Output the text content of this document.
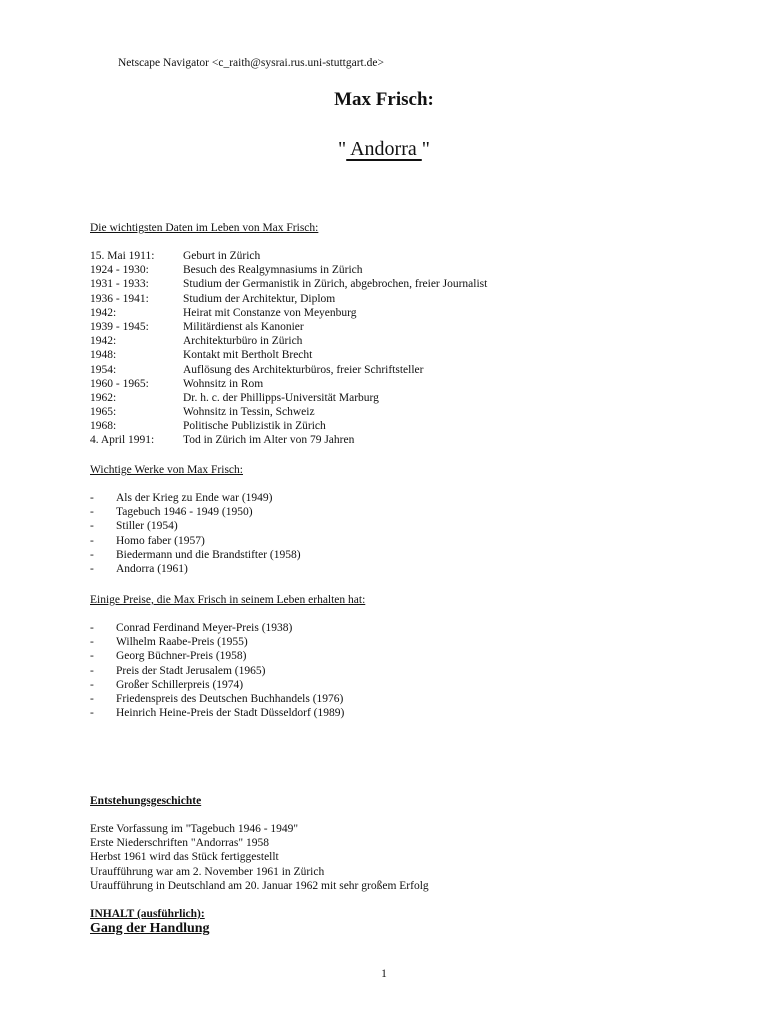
Netscape Navigator <c_raith@sysrai.rus.uni-stuttgart.de>
Max Frisch:
" Andorra "
Die wichtigsten Daten im Leben von Max Frisch:
15. Mai 1911:	Geburt in Zürich
1924 - 1930:	Besuch des Realgymnasiums in Zürich
1931 - 1933:	Studium der Germanistik in Zürich, abgebrochen, freier Journalist
1936 - 1941:	Studium der Architektur, Diplom
1942:	Heirat mit Constanze von Meyenburg
1939 - 1945:	Militärdienst als Kanonier
1942:	Architekturbüro in Zürich
1948:	Kontakt mit Bertholt Brecht
1954:	Auflösung des Architekturbüros, freier Schriftsteller
1960 - 1965:	Wohnsitz in Rom
1962:	Dr. h. c. der Phillipps-Universität Marburg
1965:	Wohnsitz in Tessin, Schweiz
1968:	Politische Publizistik in Zürich
4. April 1991:	Tod in Zürich im Alter von 79 Jahren
Wichtige Werke von Max Frisch:
-	Als der Krieg zu Ende war (1949)
-	Tagebuch 1946 - 1949 (1950)
-	Stiller (1954)
-	Homo faber (1957)
-	Biedermann und die Brandstifter (1958)
-	Andorra (1961)
Einige Preise, die Max Frisch in seinem Leben erhalten hat:
-	Conrad Ferdinand Meyer-Preis (1938)
-	Wilhelm Raabe-Preis (1955)
-	Georg Büchner-Preis (1958)
-	Preis der Stadt Jerusalem (1965)
-	Großer Schillerpreis (1974)
-	Friedenspreis des Deutschen Buchhandels (1976)
-	Heinrich Heine-Preis der Stadt Düsseldorf (1989)
Entstehungsgeschichte
Erste Vorfassung im "Tagebuch 1946 - 1949"
Erste Niederschriften "Andorras" 1958
Herbst 1961 wird das Stück fertiggestellt
Uraufführung war am 2. November 1961 in Zürich
Uraufführung in Deutschland am 20. Januar 1962 mit sehr großem Erfolg
INHALT (ausführlich):
Gang der Handlung
1
